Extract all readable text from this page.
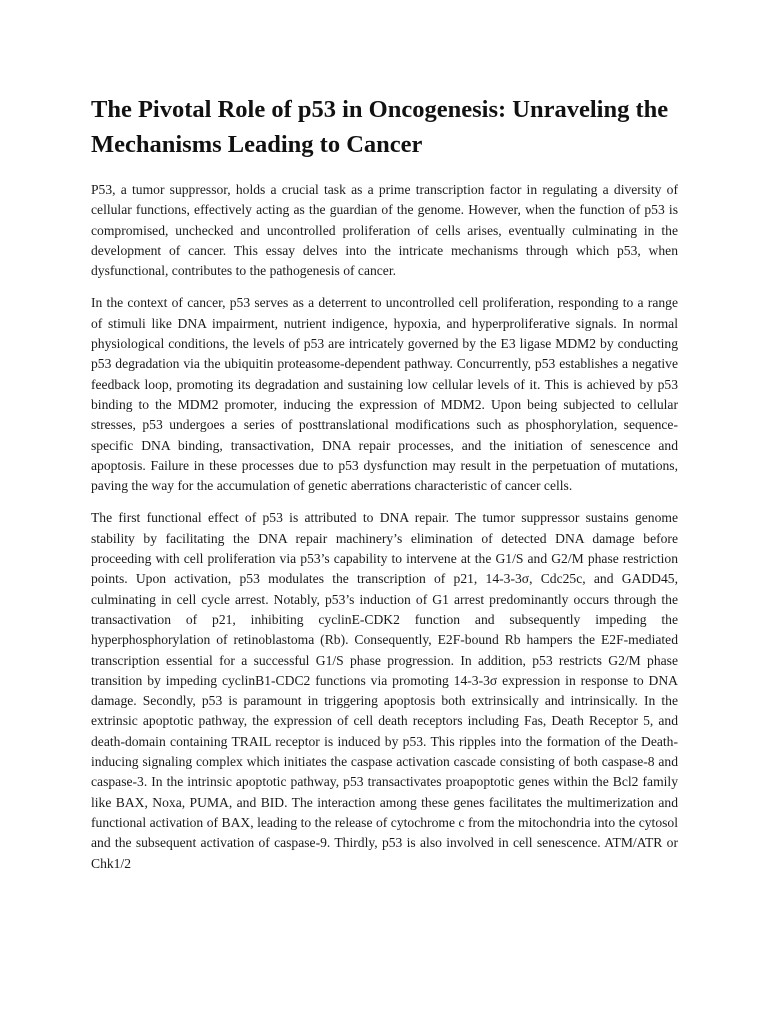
The Pivotal Role of p53 in Oncogenesis: Unraveling the Mechanisms Leading to Cancer

P53, a tumor suppressor, holds a crucial task as a prime transcription factor in regulating a diversity of cellular functions, effectively acting as the guardian of the genome. However, when the function of p53 is compromised, unchecked and uncontrolled proliferation of cells arises, eventually culminating in the development of cancer. This essay delves into the intricate mechanisms through which p53, when dysfunctional, contributes to the pathogenesis of cancer.

In the context of cancer, p53 serves as a deterrent to uncontrolled cell proliferation, responding to a range of stimuli like DNA impairment, nutrient indigence, hypoxia, and hyperproliferative signals. In normal physiological conditions, the levels of p53 are intricately governed by the E3 ligase MDM2 by conducting p53 degradation via the ubiquitin proteasome-dependent pathway. Concurrently, p53 establishes a negative feedback loop, promoting its degradation and sustaining low cellular levels of it. This is achieved by p53 binding to the MDM2 promoter, inducing the expression of MDM2. Upon being subjected to cellular stresses, p53 undergoes a series of posttranslational modifications such as phosphorylation, sequence-specific DNA binding, transactivation, DNA repair processes, and the initiation of senescence and apoptosis. Failure in these processes due to p53 dysfunction may result in the perpetuation of mutations, paving the way for the accumulation of genetic aberrations characteristic of cancer cells.

The first functional effect of p53 is attributed to DNA repair. The tumor suppressor sustains genome stability by facilitating the DNA repair machinery’s elimination of detected DNA damage before proceeding with cell proliferation via p53’s capability to intervene at the G1/S and G2/M phase restriction points. Upon activation, p53 modulates the transcription of p21, 14-3-3σ, Cdc25c, and GADD45, culminating in cell cycle arrest. Notably, p53’s induction of G1 arrest predominantly occurs through the transactivation of p21, inhibiting cyclinE-CDK2 function and subsequently impeding the hyperphosphorylation of retinoblastoma (Rb). Consequently, E2F-bound Rb hampers the E2F-mediated transcription essential for a successful G1/S phase progression. In addition, p53 restricts G2/M phase transition by impeding cyclinB1-CDC2 functions via promoting 14-3-3σ expression in response to DNA damage. Secondly, p53 is paramount in triggering apoptosis both extrinsically and intrinsically. In the extrinsic apoptotic pathway, the expression of cell death receptors including Fas, Death Receptor 5, and death-domain containing TRAIL receptor is induced by p53. This ripples into the formation of the Death-inducing signaling complex which initiates the caspase activation cascade consisting of both caspase-8 and caspase-3. In the intrinsic apoptotic pathway, p53 transactivates proapoptotic genes within the Bcl2 family like BAX, Noxa, PUMA, and BID. The interaction among these genes facilitates the multimerization and functional activation of BAX, leading to the release of cytochrome c from the mitochondria into the cytosol and the subsequent activation of caspase-9. Thirdly, p53 is also involved in cell senescence. ATM/ATR or Chk1/2
